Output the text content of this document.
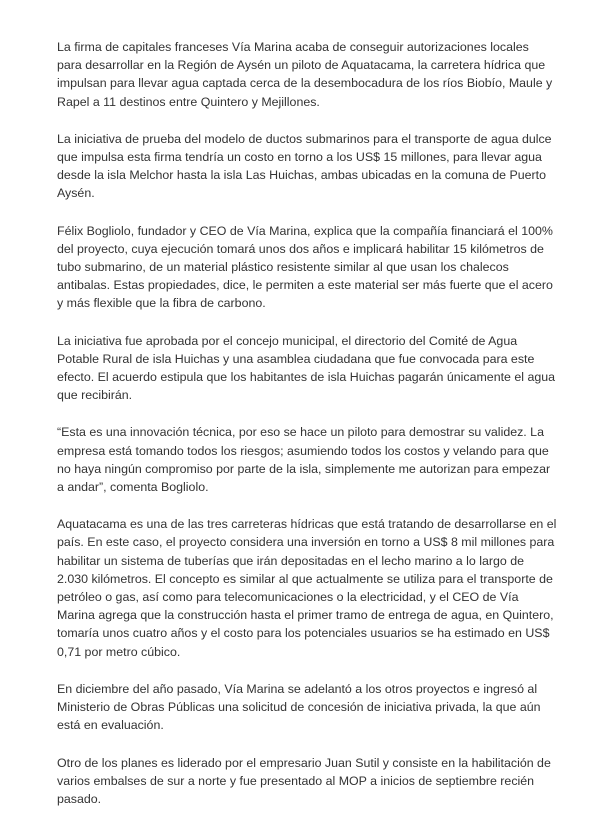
La firma de capitales franceses Vía Marina acaba de conseguir autorizaciones locales para desarrollar en la Región de Aysén un piloto de Aquatacama, la carretera hídrica que impulsan para llevar agua captada cerca de la desembocadura de los ríos Biobío, Maule y Rapel a 11 destinos entre Quintero y Mejillones.

La iniciativa de prueba del modelo de ductos submarinos para el transporte de agua dulce que impulsa esta firma tendría un costo en torno a los US$ 15 millones, para llevar agua desde la isla Melchor hasta la isla Las Huichas, ambas ubicadas en la comuna de Puerto Aysén.

Félix Bogliolo, fundador y CEO de Vía Marina, explica que la compañía financiará el 100% del proyecto, cuya ejecución tomará unos dos años e implicará habilitar 15 kilómetros de tubo submarino, de un material plástico resistente similar al que usan los chalecos antibalas. Estas propiedades, dice, le permiten a este material ser más fuerte que el acero y más flexible que la fibra de carbono.

La iniciativa fue aprobada por el concejo municipal, el directorio del Comité de Agua Potable Rural de isla Huichas y una asamblea ciudadana que fue convocada para este efecto. El acuerdo estipula que los habitantes de isla Huichas pagarán únicamente el agua que recibirán.

“Esta es una innovación técnica, por eso se hace un piloto para demostrar su validez. La empresa está tomando todos los riesgos; asumiendo todos los costos y velando para que no haya ningún compromiso por parte de la isla, simplemente me autorizan para empezar a andar”, comenta Bogliolo.

Aquatacama es una de las tres carreteras hídricas que está tratando de desarrollarse en el país. En este caso, el proyecto considera una inversión en torno a US$ 8 mil millones para habilitar un sistema de tuberías que irán depositadas en el lecho marino a lo largo de 2.030 kilómetros. El concepto es similar al que actualmente se utiliza para el transporte de petróleo o gas, así como para telecomunicaciones o la electricidad, y el CEO de Vía Marina agrega que la construcción hasta el primer tramo de entrega de agua, en Quintero, tomaría unos cuatro años y el costo para los potenciales usuarios se ha estimado en US$ 0,71 por metro cúbico.

En diciembre del año pasado, Vía Marina se adelantó a los otros proyectos e ingresó al Ministerio de Obras Públicas una solicitud de concesión de iniciativa privada, la que aún está en evaluación.

Otro de los planes es liderado por el empresario Juan Sutil y consiste en la habilitación de varios embalses de sur a norte y fue presentado al MOP a inicios de septiembre recién pasado.
